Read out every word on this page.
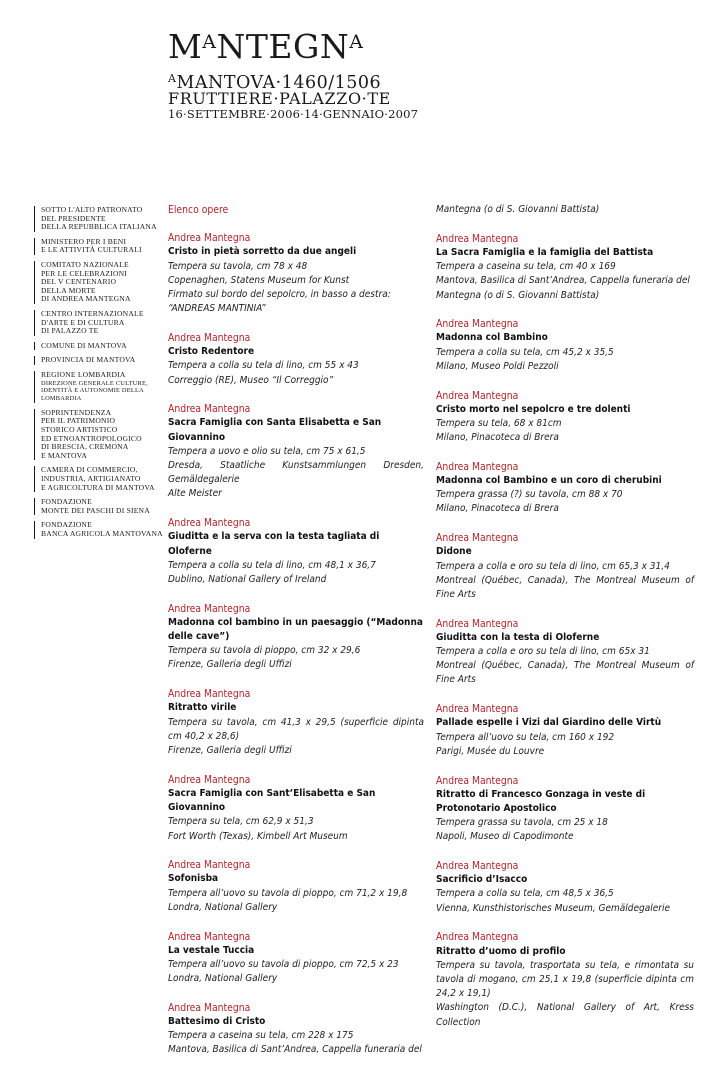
$M^ANTEGN^A$
$^A$MANTOVA·1460/1506
FRUTTIERE·PALAZZO·TE
16·SETTEMBRE·2006·14·GENNAIO·2007
SOTTO L'ALTO PATRONATO
DEL PRESIDENTE
DELLA REPUBBLICA ITALIANA
MINISTERO PER I BENI
E LE ATTIVITÀ CULTURALI
COMITATO NAZIONALE
PER LE CELEBRAZIONI
DEL V CENTENARIO
DELLA MORTE
DI ANDREA MANTEGNA
CENTRO INTERNAZIONALE
D'ARTE E DI CULTURA
DI PALAZZO TE
COMUNE DI MANTOVA
PROVINCIA DI MANTOVA
REGIONE LOMBARDIA
DIREZIONE GENERALE CULTURE, IDENTITÀ E AUTONOMIE DELLA LOMBARDIA
SOPRINTENDENZA
PER IL PATRIMONIO
STORICO ARTISTICO
ED ETNOANTROPOLOGICO
DI BRESCIA, CREMONA
E MANTOVA
CAMERA DI COMMERCIO,
INDUSTRIA, ARTIGIANATO
E AGRICOLTURA DI MANTOVA
FONDAZIONE
MONTE DEI PASCHI DI SIENA
FONDAZIONE
BANCA AGRICOLA MANTOVANA
Elenco opere
Andrea Mantegna
Cristo in pietà sorretto da due angeli
Tempera su tavola, cm 78 x 48
Copenaghen, Statens Museum for Kunst
Firmato sul bordo del sepolcro, in basso a destra:
“ANDREAS MANTINIA”
Andrea Mantegna
Cristo Redentore
Tempera a colla su tela di lino, cm 55 x 43
Correggio (RE), Museo “Il Correggio”
Andrea Mantegna
Sacra Famiglia con Santa Elisabetta e San Giovannino
Tempera a uovo e olio su tela, cm 75 x 61,5
Dresda, Staatliche Kunstsammlungen Dresden, Gemäldegalerie
Alte Meister
Andrea Mantegna
Giuditta e la serva con la testa tagliata di Oloferne
Tempera a colla su tela di lino, cm 48,1 x 36,7
Dublino, National Gallery of Ireland
Andrea Mantegna
Madonna col bambino in un paesaggio (“Madonna delle cave”)
Tempera su tavola di pioppo, cm 32 x 29,6
Firenze, Galleria degli Uffizi
Andrea Mantegna
Ritratto virile
Tempera su tavola, cm 41,3 x 29,5 (superficie dipinta cm 40,2 x 28,6)
Firenze, Galleria degli Uffizi
Andrea Mantegna
Sacra Famiglia con Sant’Elisabetta e San Giovannino
Tempera su tela, cm 62,9 x 51,3
Fort Worth (Texas), Kimbell Art Museum
Andrea Mantegna
Sofonisba
Tempera all’uovo su tavola di pioppo, cm 71,2 x 19,8
Londra, National Gallery
Andrea Mantegna
La vestale Tuccia
Tempera all’uovo su tavola di pioppo, cm 72,5 x 23
Londra, National Gallery
Andrea Mantegna
Battesimo di Cristo
Tempera a caseina su tela, cm 228 x 175
Mantova, Basilica di Sant’Andrea, Cappella funeraria del
Mantegna (o di S. Giovanni Battista)
Andrea Mantegna
La Sacra Famiglia e la famiglia del Battista
Tempera a caseina su tela, cm 40 x 169
Mantova, Basilica di Sant’Andrea, Cappella funeraria del
Mantegna (o di S. Giovanni Battista)
Andrea Mantegna
Madonna col Bambino
Tempera a colla su tela, cm 45,2 x 35,5
Milano, Museo Poldi Pezzoli
Andrea Mantegna
Cristo morto nel sepolcro e tre dolenti
Tempera su tela, 68 x 81cm
Milano, Pinacoteca di Brera
Andrea Mantegna
Madonna col Bambino e un coro di cherubini
Tempera grassa (?) su tavola, cm 88 x 70
Milano, Pinacoteca di Brera
Andrea Mantegna
Didone
Tempera a colla e oro su tela di lino, cm 65,3 x 31,4
Montreal (Québec, Canada), The Montreal Museum of Fine Arts
Andrea Mantegna
Giuditta con la testa di Oloferne
Tempera a colla e oro su tela di lino, cm 65x 31
Montreal (Québec, Canada), The Montreal Museum of Fine Arts
Andrea Mantegna
Pallade espelle i Vizi dal Giardino delle Virtù
Tempera all’uovo su tela, cm 160 x 192
Parigi, Musée du Louvre
Andrea Mantegna
Ritratto di Francesco Gonzaga in veste di Protonotario Apostolico
Tempera grassa su tavola, cm 25 x 18
Napoli, Museo di Capodimonte
Andrea Mantegna
Sacrificio d’Isacco
Tempera a colla su tela, cm 48,5 x 36,5
Vienna, Kunsthistorisches Museum, Gemäldegalerie
Andrea Mantegna
Ritratto d’uomo di profilo
Tempera su tavola, trasportata su tela, e rimontata su tavola di mogano, cm 25,1 x 19,8 (superficie dipinta cm 24,2 x 19,1)
Washington (D.C.), National Gallery of Art, Kress Collection
